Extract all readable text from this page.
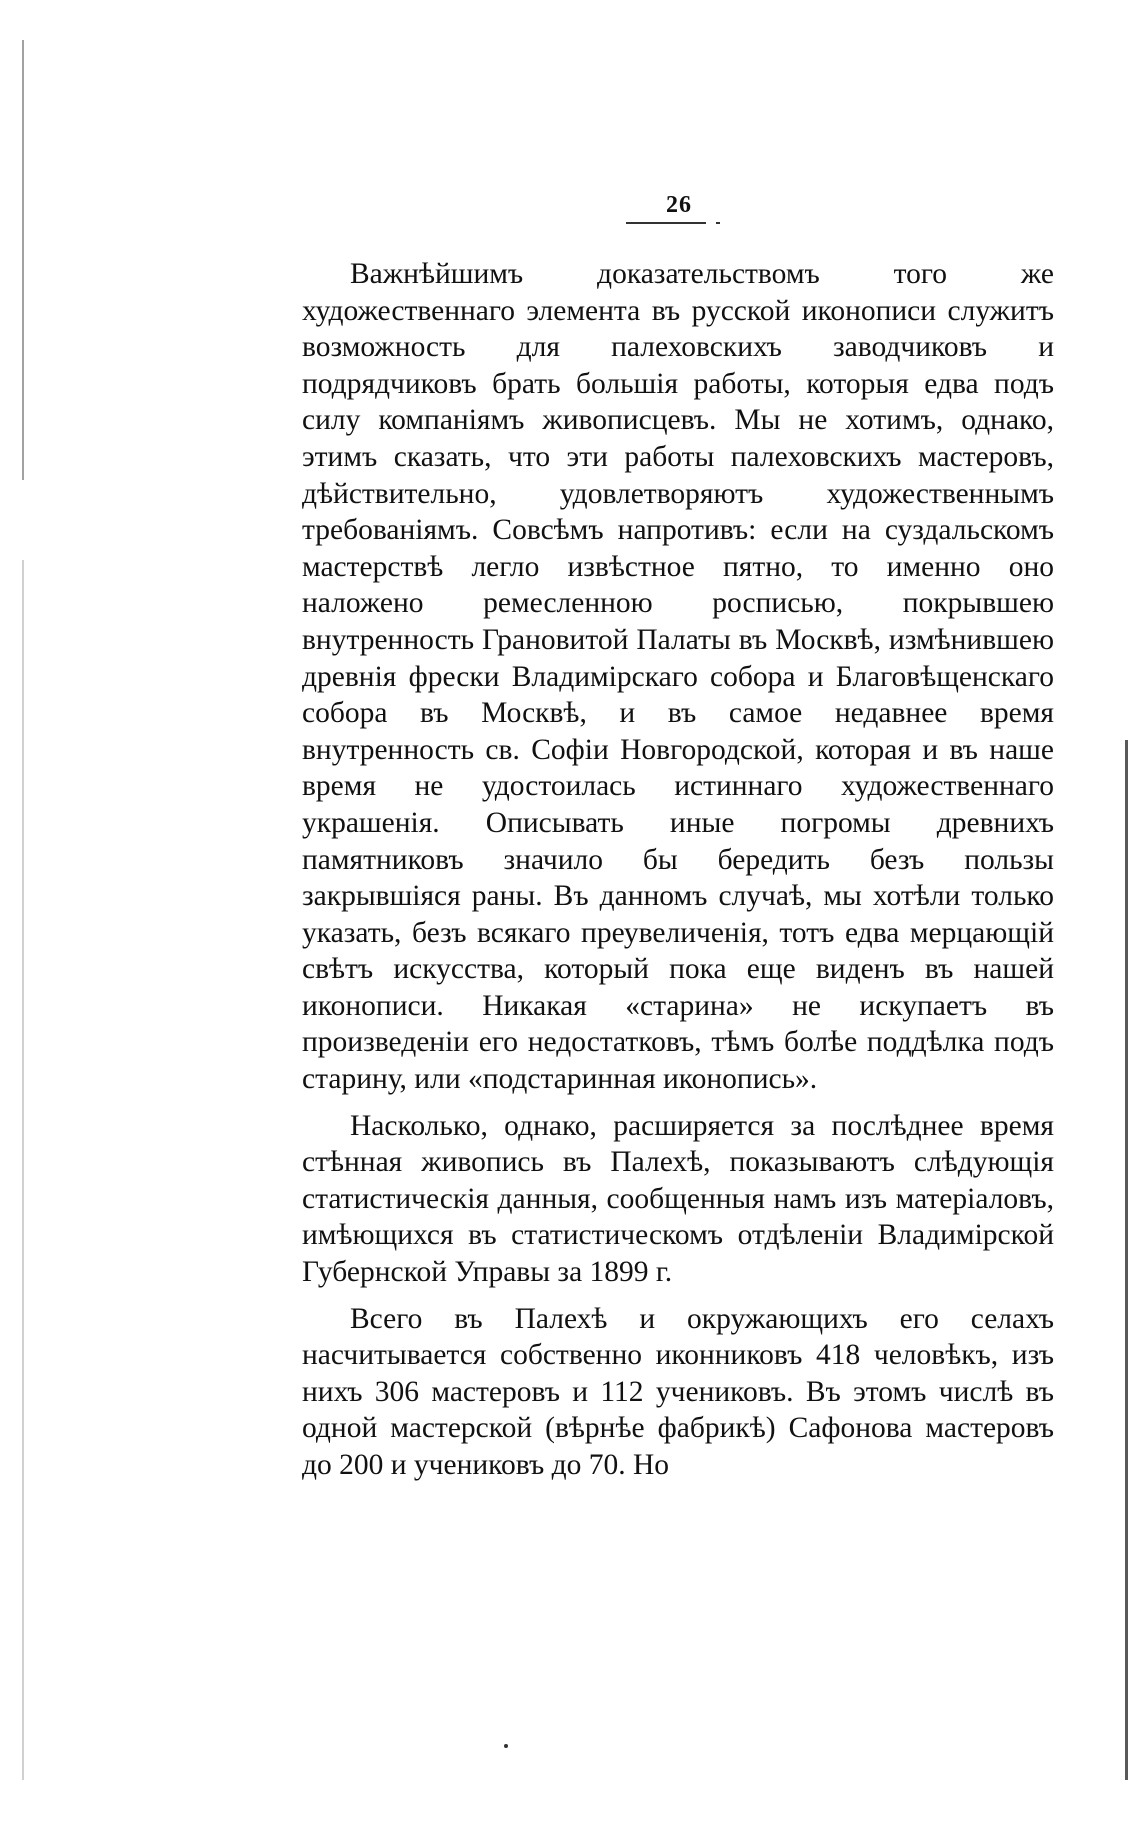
26

Важнѣйшимъ доказательствомъ того же художественнаго элемента въ русской иконописи служитъ возможность для палеховскихъ заводчиковъ и подрядчиковъ брать большія работы, которыя едва подъ силу компаніямъ живописцевъ. Мы не хотимъ, однако, этимъ сказать, что эти работы палеховскихъ мастеровъ, дѣйствительно, удовлетворяютъ художественнымъ требованіямъ. Совсѣмъ напротивъ: если на суздальскомъ мастерствѣ легло извѣстное пятно, то именно оно наложено ремесленною росписью, покрывшею внутренность Грановитой Палаты въ Москвѣ, измѣнившею древнія фрески Владимірскаго собора и Благовѣщенскаго собора въ Москвѣ, и въ самое недавнее время внутренность св. Софіи Новгородской, которая и въ наше время не удостоилась истиннаго художественнаго украшенія. Описывать иные погромы древнихъ памятниковъ значило бы бередить безъ пользы закрывшіяся раны. Въ данномъ случаѣ, мы хотѣли только указать, безъ всякаго преувеличенія, тотъ едва мерцающій свѣтъ искусства, который пока еще виденъ въ нашей иконописи. Никакая «старина» не искупаетъ въ произведеніи его недостатковъ, тѣмъ болѣе поддѣлка подъ старину, или «подстаринная иконопись».

Насколько, однако, расширяется за послѣднее время стѣнная живопись въ Палехѣ, показываютъ слѣдующія статистическія данныя, сообщенныя намъ изъ матеріаловъ, имѣющихся въ статистическомъ отдѣленіи Владимірской Губернской Управы за 1899 г.

Всего въ Палехѣ и окружающихъ его селахъ насчитывается собственно иконниковъ 418 человѣкъ, изъ нихъ 306 мастеровъ и 112 учениковъ. Въ этомъ числѣ въ одной мастерской (вѣрнѣе фабрикѣ) Сафонова мастеровъ до 200 и учениковъ до 70. Но
